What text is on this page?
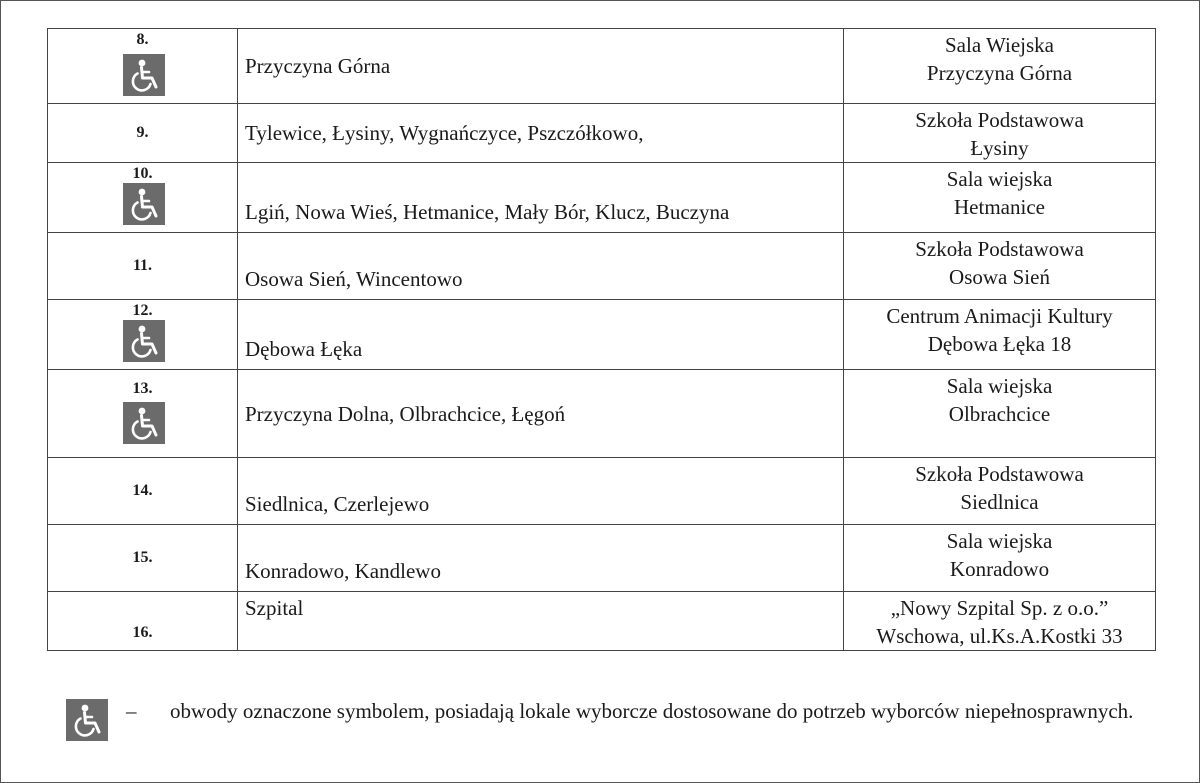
8.	Przyczyna Górna	Sala Wiejska
Przyczyna Górna

9.	Tylewice, Łysiny, Wygnańczyce, Pszczółkowo,	Szkoła Podstawowa
Łysiny

10.	Lgiń, Nowa Wieś, Hetmanice, Mały Bór, Klucz, Buczyna	Sala wiejska
Hetmanice

11.	Osowa Sień, Wincentowo	Szkoła Podstawowa
Osowa Sień

12.	Dębowa Łęka	Centrum Animacji Kultury
Dębowa Łęka 18

13.	Przyczyna Dolna, Olbrachcice, Łęgoń	Sala wiejska
Olbrachcice

14.	Siedlnica, Czerlejewo	Szkoła Podstawowa
Siedlnica

15.	Konradowo, Kandlewo	Sala wiejska
Konradowo

16.	Szpital	„Nowy Szpital Sp. z o.o.”
Wschowa, ul.Ks.A.Kostki 33
– obwody oznaczone symbolem, posiadają lokale wyborcze dostosowane do potrzeb wyborców niepełnosprawnych.
